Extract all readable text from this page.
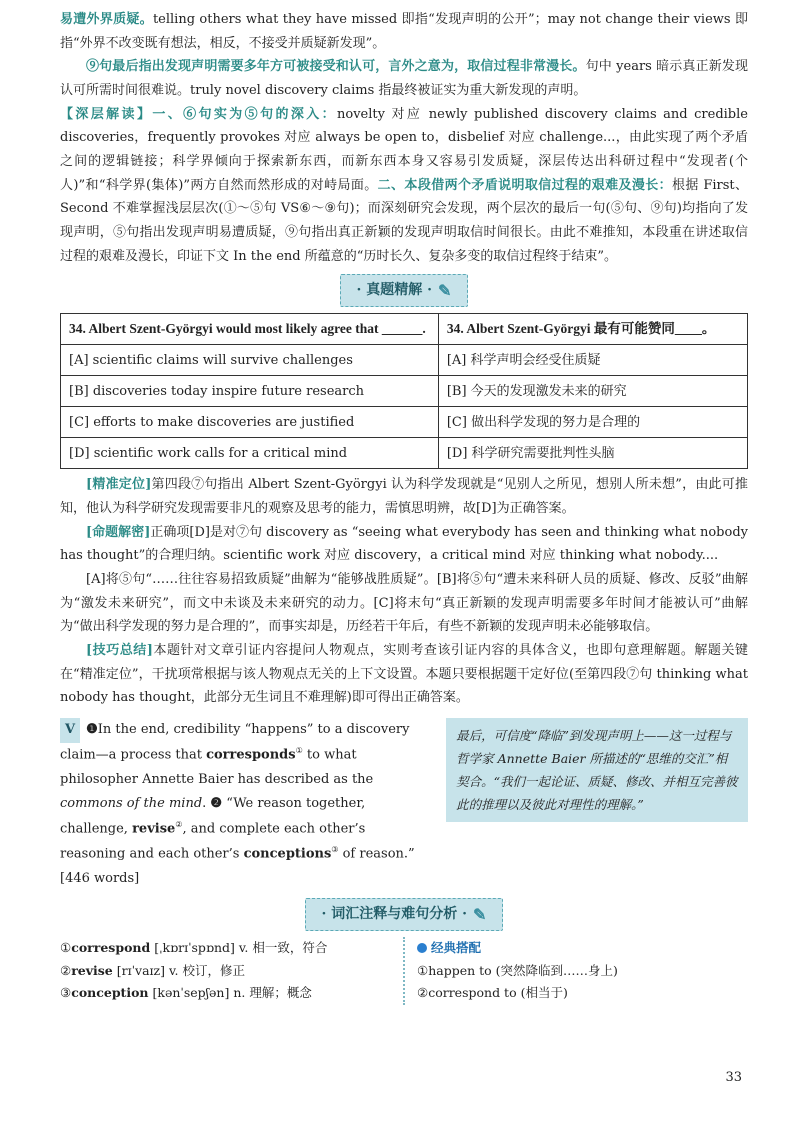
易遭外界质疑。telling others what they have missed 即指“发现声明的公开”；may not change their views 即指“外界不改变既有想法，相反，不接受并质疑新发现”。

⑨句最后指出发现声明需要多年方可被接受和认可，言外之意为，取信过程非常漫长。句中 years 暗示真正新发现认可所需时间很难说。truly novel discovery claims 指最终被证实为重大新发现的声明。

【深层解读】一、⑥句实为⑤句的深入：novelty 对应 newly published discovery claims and credible discoveries，frequently provokes 对应 always be open to，disbelief 对应 challenge...，由此实现了两个矛盾之间的逻辑链接；科学界倾向于探索新东西，而新东西本身又容易引发质疑，深层传达出科研过程中“发现者(个人)”和“科学界(集体)”两方自然而然形成的对峙局面。二、本段借两个矛盾说明取信过程的艰难及漫长：根据 First、Second 不难掌握浅层层次(①～⑤句 VS⑥～⑨句)；而深刻研究会发现，两个层次的最后一句(⑤句、⑨句)均指向了发现声明，⑤句指出发现声明易遭质疑，⑨句指出真正新颖的发现声明取信时间很长。由此不难推知，本段重在讲述取信过程的艰难及漫长，印证下文 In the end 所蕴意的“历时长久、复杂多变的取信过程终于结束”。

· 真题精解 · ✎
34. Albert Szent-Györgyi would most likely agree that ______.	34. Albert Szent-Györgyi 最有可能赞同____。
[A] scientific claims will survive challenges	[A] 科学声明会经受住质疑
[B] discoveries today inspire future research	[B] 今天的发现激发未来的研究
[C] efforts to make discoveries are justified	[C] 做出科学发现的努力是合理的
[D] scientific work calls for a critical mind	[D] 科学研究需要批判性头脑

[精准定位]第四段⑦句指出 Albert Szent-Györgyi 认为科学发现就是“见别人之所见，想别人所未想”，由此可推知，他认为科学研究发现需要非凡的观察及思考的能力，需慎思明辨，故[D]为正确答案。

[命题解密]正确项[D]是对⑦句 discovery as “seeing what everybody has seen and thinking what nobody has thought”的合理归纳。scientific work 对应 discovery，a critical mind 对应 thinking what nobody....

[A]将⑤句“……往往容易招致质疑”曲解为“能够战胜质疑”。[B]将⑤句“遭未来科研人员的质疑、修改、反驳”曲解为“激发未来研究”，而文中未谈及未来研究的动力。[C]将末句“真正新颖的发现声明需要多年时间才能被认可”曲解为“做出科学发现的努力是合理的”，而事实却是，历经若干年后，有些不新颖的发现声明未必能够取信。

[技巧总结]本题针对文章引证内容提问人物观点，实则考查该引证内容的具体含义，也即句意理解题。解题关键在“精准定位”，干扰项常根据与该人物观点无关的上下文设置。本题只要根据题干定好位(至第四段⑦句 thinking what nobody has thought，此部分无生词且不难理解)即可得出正确答案。

V ❶In the end, credibility “happens” to a discovery claim—a process that corresponds① to what philosopher Annette Baier has described as the commons of the mind. ❷ “We reason together, challenge, revise②, and complete each other’s reasoning and each other’s conceptions③ of reason.” [446 words]
最后，可信度“降临”到发现声明上——这一过程与哲学家 Annette Baier 所描述的“思维的交汇”相契合。“我们一起论证、质疑、修改、并相互完善彼此的推理以及彼此对理性的理解。”
· 词汇注释与难句分析 · ✎
①correspond [ˌkɒrɪˈspɒnd] v. 相一致，符合
②revise [rɪˈvaɪz] v. 校订，修正
③conception [kənˈsepʃən] n. 理解；概念
经典搭配
①happen to (突然降临到……身上)
②correspond to (相当于)
33
